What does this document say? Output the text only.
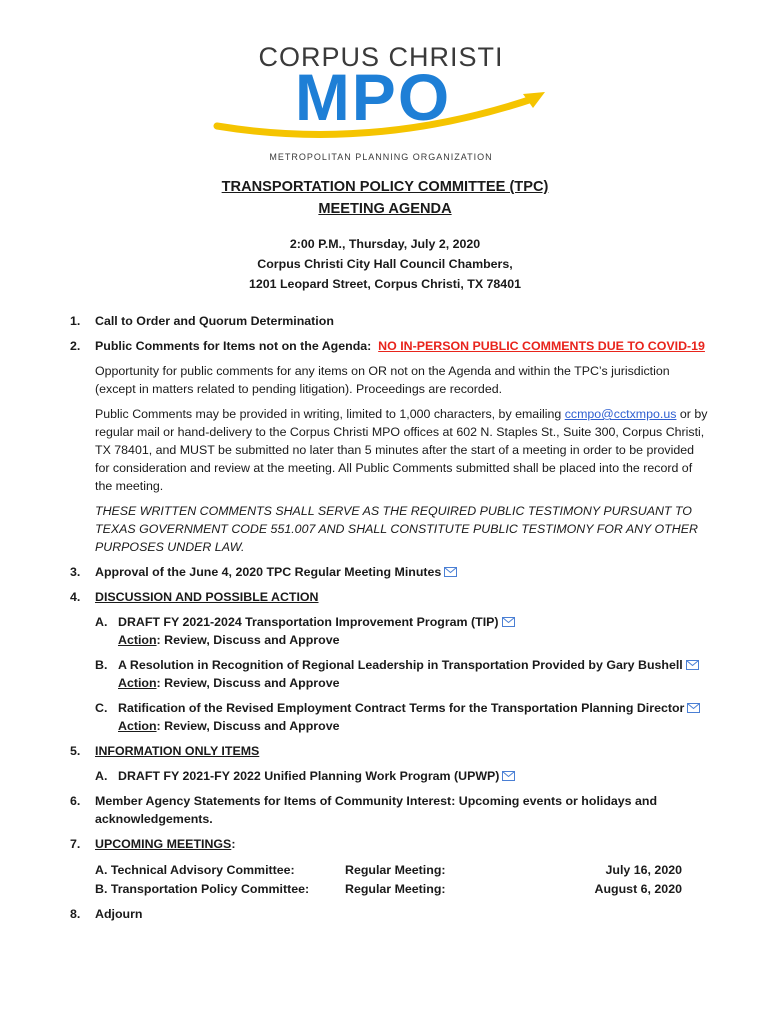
CORPUS CHRISTI
MPO
METROPOLITAN PLANNING ORGANIZATION
TRANSPORTATION POLICY COMMITTEE (TPC)
MEETING AGENDA
2:00 P.M., Thursday, July 2, 2020
Corpus Christi City Hall Council Chambers,
1201 Leopard Street, Corpus Christi, TX 78401
1. Call to Order and Quorum Determination
2. Public Comments for Items not on the Agenda: NO IN-PERSON PUBLIC COMMENTS DUE TO COVID-19
Opportunity for public comments for any items on OR not on the Agenda and within the TPC’s jurisdiction (except in matters related to pending litigation). Proceedings are recorded.
Public Comments may be provided in writing, limited to 1,000 characters, by emailing ccmpo@cctxmpo.us or by regular mail or hand-delivery to the Corpus Christi MPO offices at 602 N. Staples St., Suite 300, Corpus Christi, TX 78401, and MUST be submitted no later than 5 minutes after the start of a meeting in order to be provided for consideration and review at the meeting. All Public Comments submitted shall be placed into the record of the meeting.
THESE WRITTEN COMMENTS SHALL SERVE AS THE REQUIRED PUBLIC TESTIMONY PURSUANT TO TEXAS GOVERNMENT CODE 551.007 AND SHALL CONSTITUTE PUBLIC TESTIMONY FOR ANY OTHER PURPOSES UNDER LAW.
3. Approval of the June 4, 2020 TPC Regular Meeting Minutes
4. DISCUSSION AND POSSIBLE ACTION
A. DRAFT FY 2021-2024 Transportation Improvement Program (TIP)
Action: Review, Discuss and Approve
B. A Resolution in Recognition of Regional Leadership in Transportation Provided by Gary Bushell
Action: Review, Discuss and Approve
C. Ratification of the Revised Employment Contract Terms for the Transportation Planning Director
Action: Review, Discuss and Approve
5. INFORMATION ONLY ITEMS
A. DRAFT FY 2021-FY 2022 Unified Planning Work Program (UPWP)
6. Member Agency Statements for Items of Community Interest: Upcoming events or holidays and acknowledgements.
7. UPCOMING MEETINGS:
A. Technical Advisory Committee:	Regular Meeting:	July 16, 2020
B. Transportation Policy Committee:	Regular Meeting:	August 6, 2020
8. Adjourn
